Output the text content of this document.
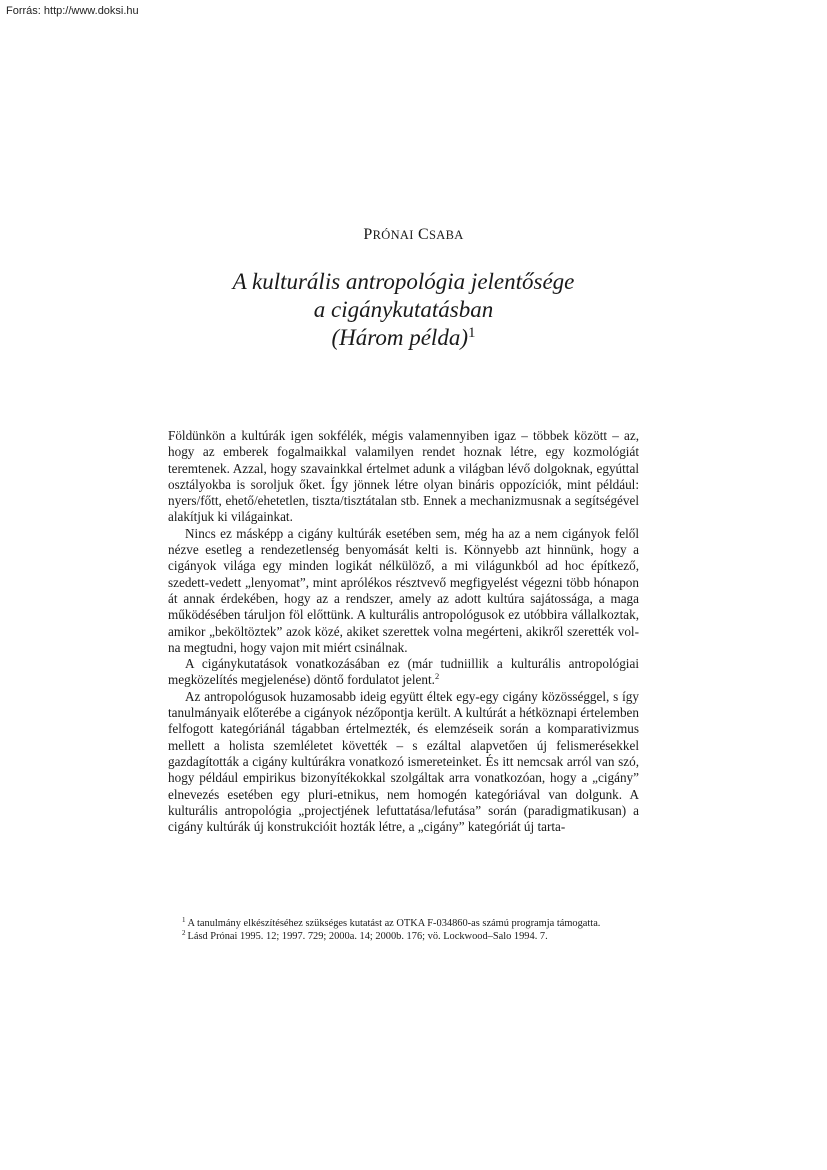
Forrás: http://www.doksi.hu
PRÓNAI CSABA
A kulturális antropológia jelentősége
a cigánykutatásban
(Három példa)$^1$

Földünkön a kultúrák igen sokfélék, mégis valamennyiben igaz – többek között – az, hogy az emberek fogalmaikkal valamilyen rendet hoznak létre, egy kozmológiát teremtenek. Azzal, hogy szavainkkal értelmet adunk a világban lévő dolgoknak, egyúttal osztályokba is soroljuk őket. Így jönnek létre olyan bináris oppozíciók, mint például: nyers/főtt, ehető/ehetetlen, tiszta/tisztátalan stb. Ennek a mechanizmusnak a segítségével alakítjuk ki világainkat.

Nincs ez másképp a cigány kultúrák esetében sem, még ha az a nem cigányok felől nézve esetleg a rendezetlenség benyomását kelti is. Könnyebb azt hinnünk, hogy a cigányok világa egy minden logikát nélkülöző, a mi világunkból ad hoc építkező, szedett-vedett „lenyomat”, mint aprólékos résztvevő megfigyelést végezni több hónapon át annak érdekében, hogy az a rendszer, amely az adott kultúra sajátossága, a maga működésében táruljon föl előttünk. A kulturális antropológusok ez utóbbira vállalkoztak, amikor „beköltöztek” azok közé, akiket szerettek volna megérteni, akikről szerették volna megtudni, hogy vajon mit miért csinálnak.

A cigánykutatások vonatkozásában ez (már tudniillik a kulturális antropológiai megközelítés megjelenése) döntő fordulatot jelent.$^2$

Az antropológusok huzamosabb ideig együtt éltek egy-egy cigány közösséggel, s így tanulmányaik előterébe a cigányok nézőpontja került. A kultúrát a hétköznapi értelemben felfogott kategóriánál tágabban értelmezték, és elemzéseik során a komparativizmus mellett a holista szemléletet követték – s ezáltal alapvetően új felismerésekkel gazdagították a cigány kultúrákra vonatkozó ismereteinket. És itt nemcsak arról van szó, hogy például empirikus bizonyítékokkal szolgáltak arra vonatkozóan, hogy a „cigány” elnevezés esetében egy pluri-etnikus, nem homogén kategóriával van dolgunk. A kulturális antropológia „projectjének lefuttatása/lefutása” során (paradigmatikusan) a cigány kultúrák új konstrukcióit hozták létre, a „cigány” kategóriát új tarta-

$^1$ A tanulmány elkészítéséhez szükséges kutatást az OTKA F-034860-as számú programja támogatta.

$^2$ Lásd Prónai 1995. 12; 1997. 729; 2000a. 14; 2000b. 176; vö. Lockwood–Salo 1994. 7.
